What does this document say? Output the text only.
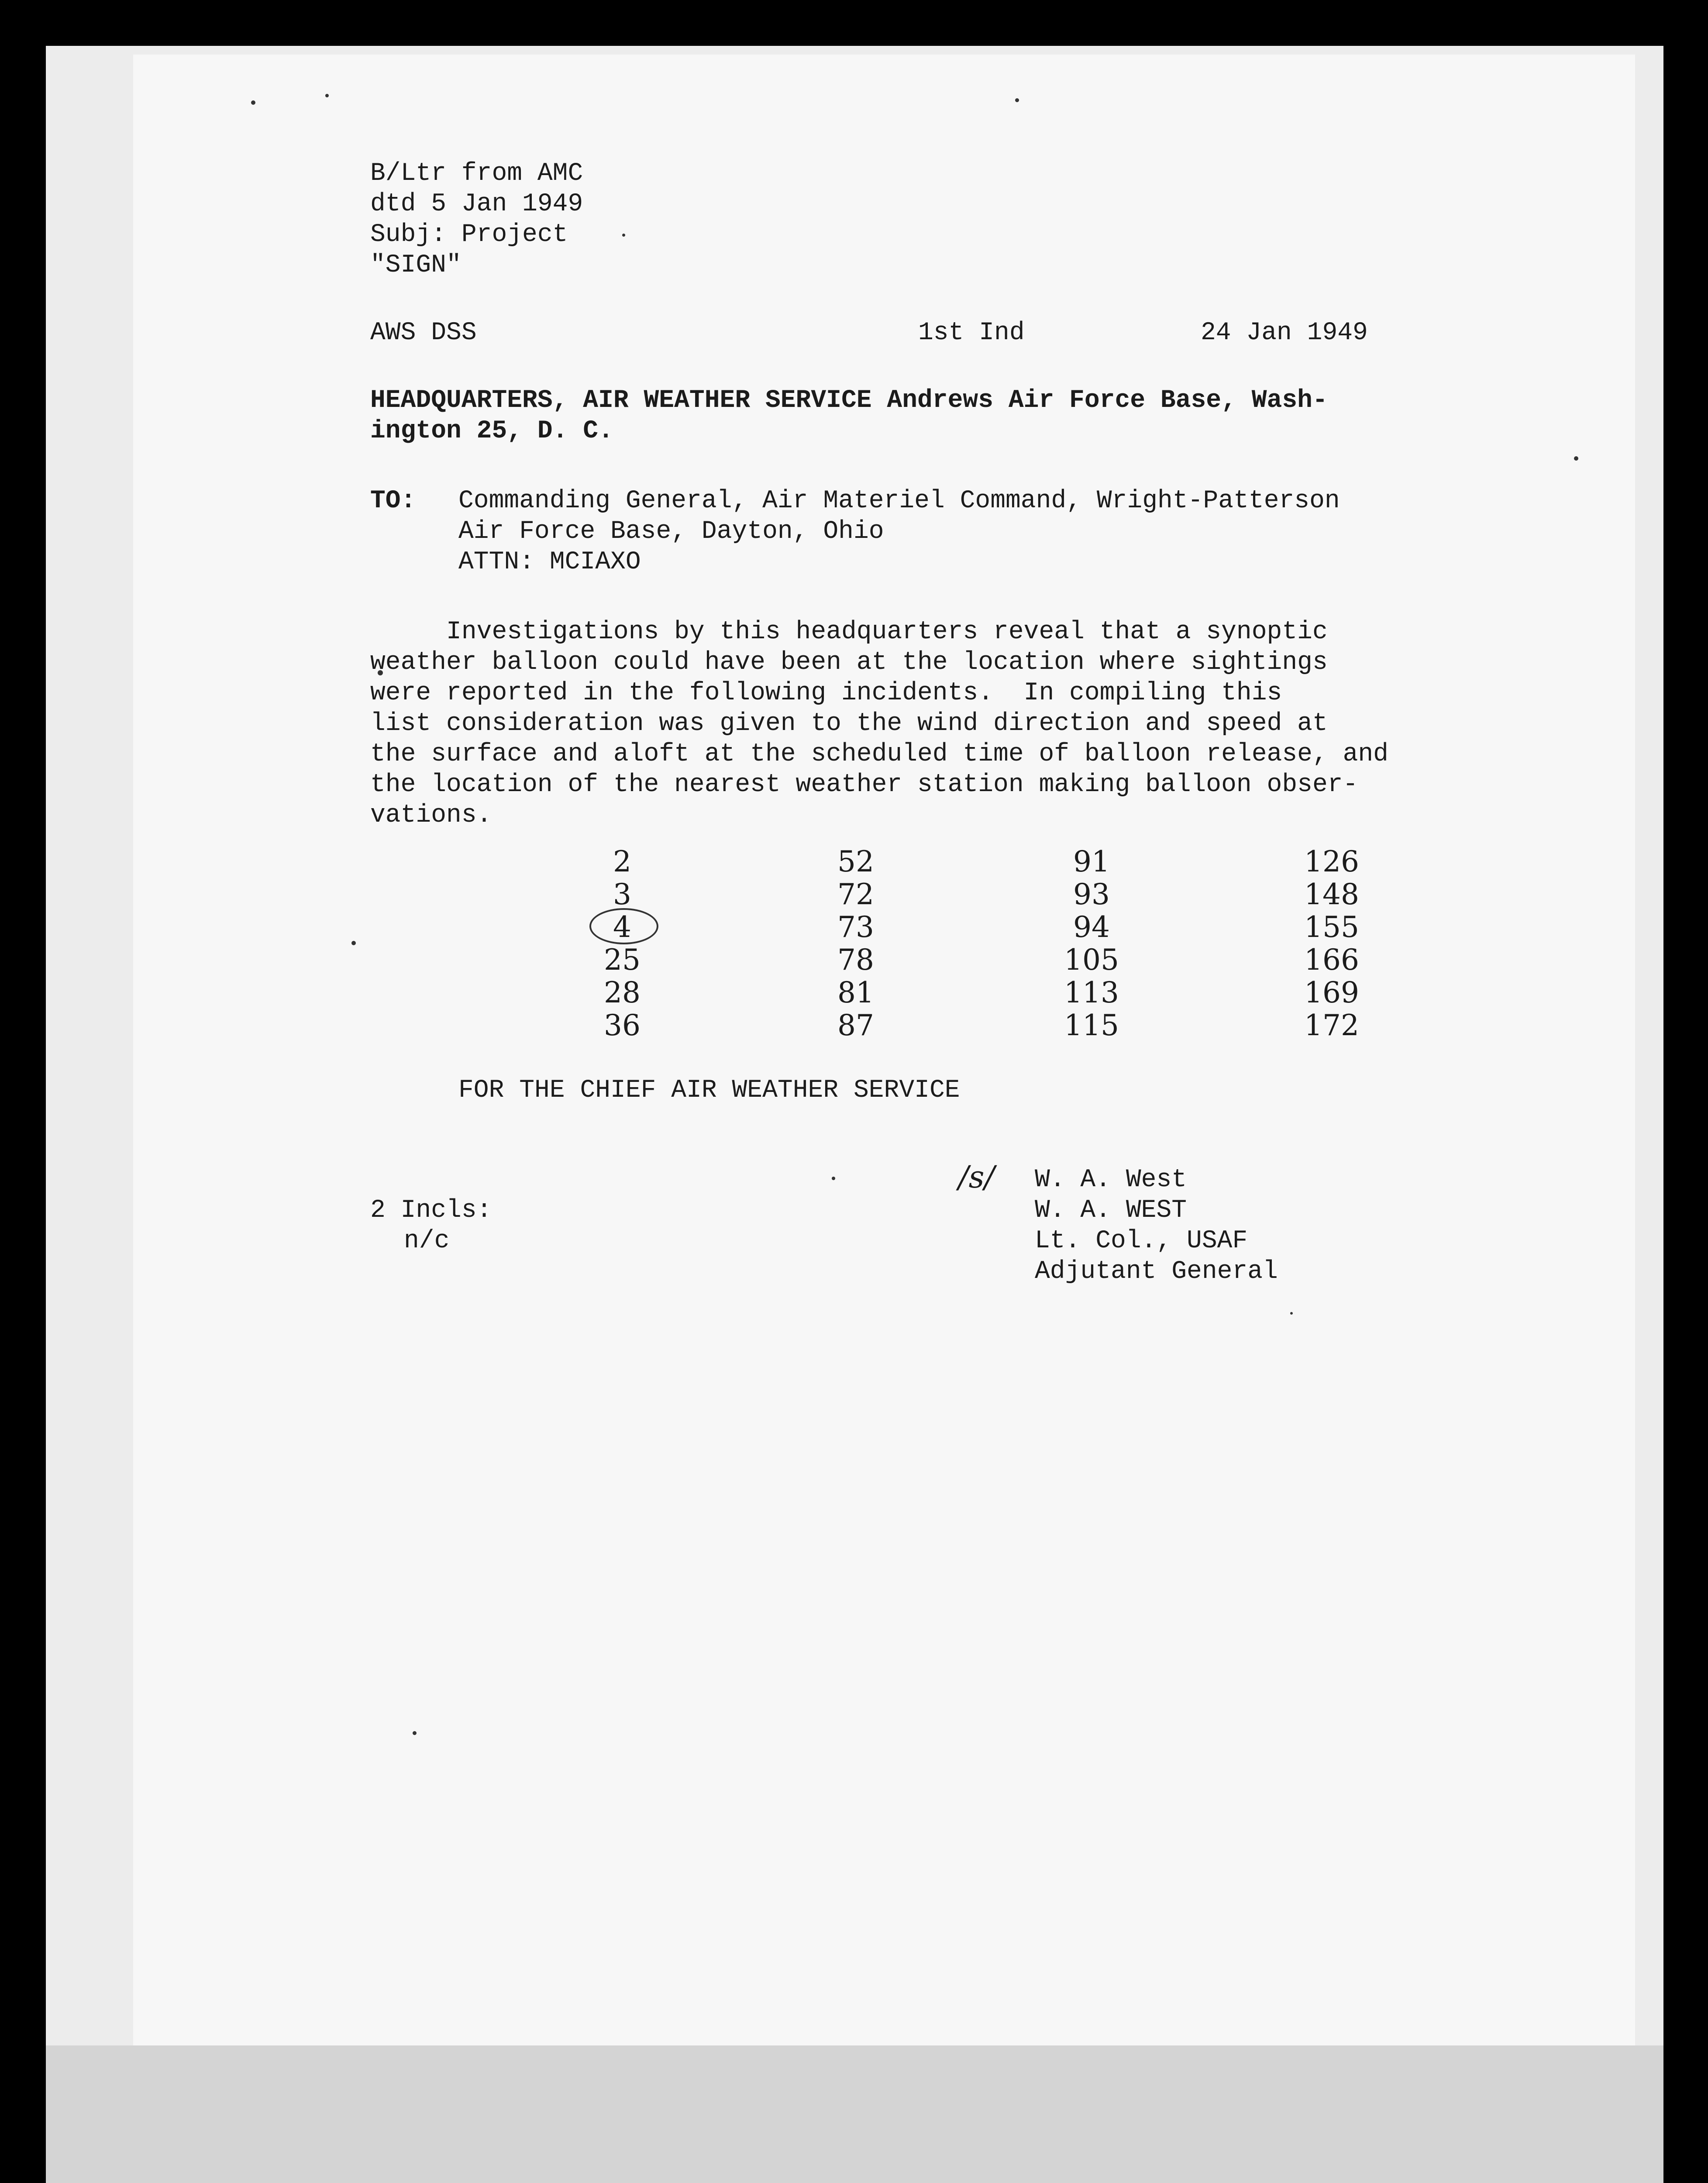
B/Ltr from AMC
dtd 5 Jan 1949
Subj: Project
"SIGN"
AWS DSS	1st Ind	24 Jan 1949
HEADQUARTERS, AIR WEATHER SERVICE Andrews Air Force Base, Wash-
ington 25, D. C.
TO: Commanding General, Air Materiel Command, Wright-Patterson
Air Force Base, Dayton, Ohio
ATTN: MCIAXO
Investigations by this headquarters reveal that a synoptic
weather balloon could have been at the location where sightings
were reported in the following incidents.  In compiling this
list consideration was given to the wind direction and speed at
the surface and aloft at the scheduled time of balloon release, and
the location of the nearest weather station making balloon obser-
vations.
2
3
4
25
28
36
52
72
73
78
81
87
91
93
94
105
113
115
126
148
155
166
169
172
FOR THE CHIEF AIR WEATHER SERVICE
/s/ W. A. West
W. A. WEST
Lt. Col., USAF
Adjutant General
2 Incls:
n/c
